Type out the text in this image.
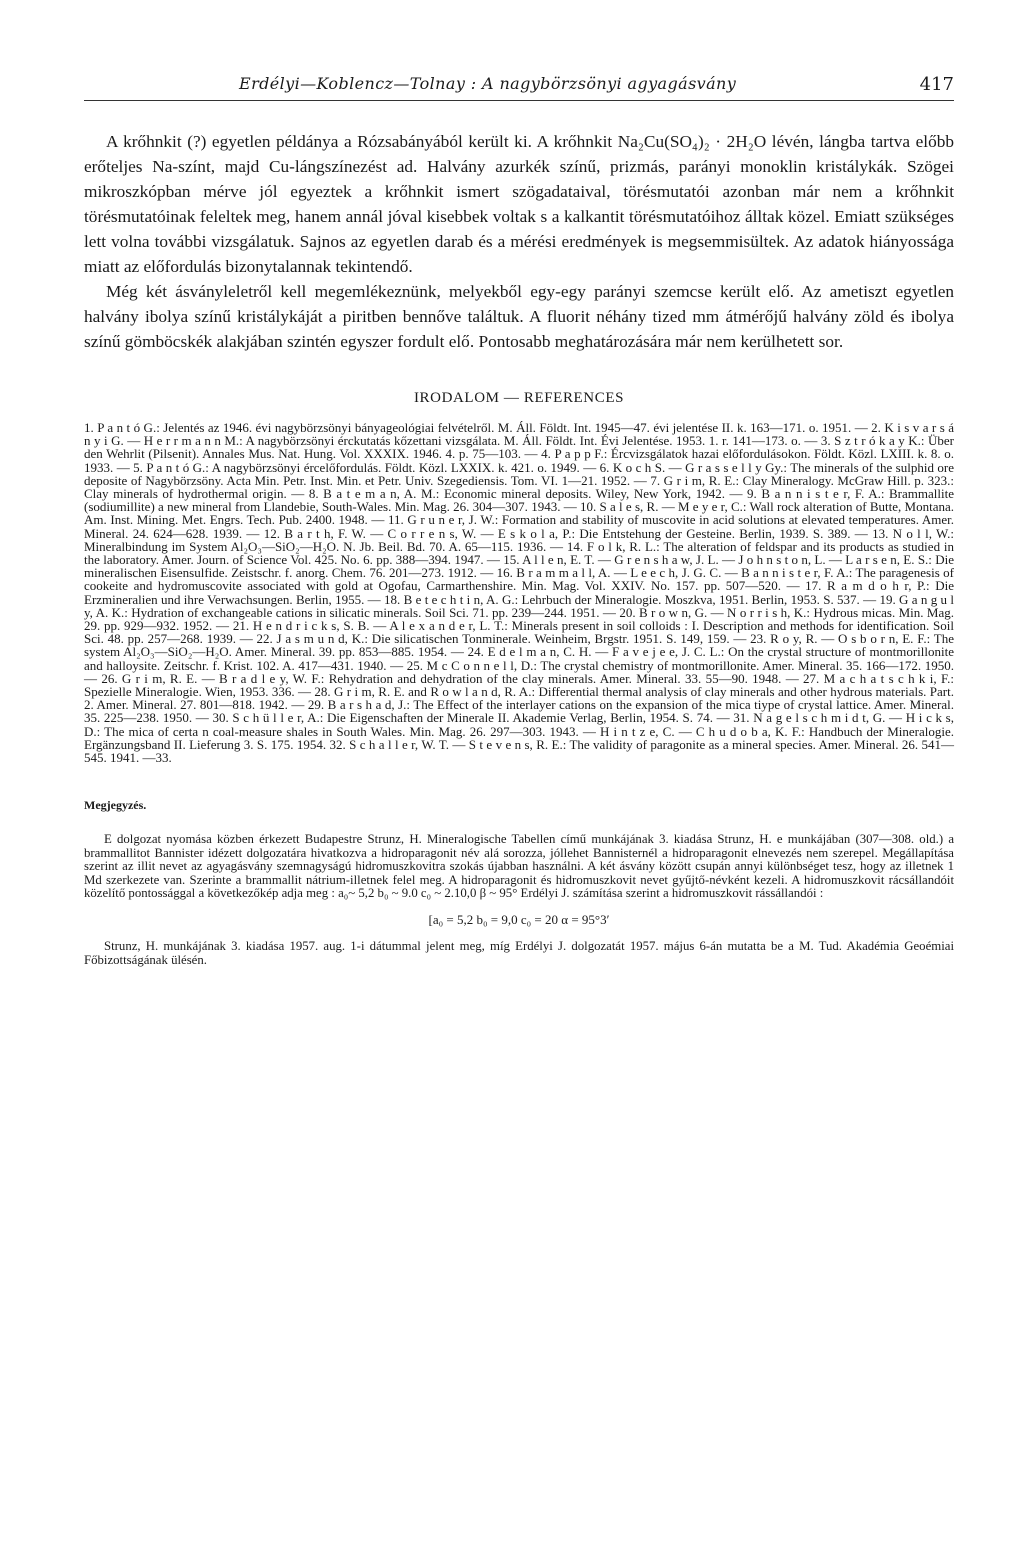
Erdélyi—Koblencz—Tolnay : A nagybörzsönyi agyagásvány	417

A krőhnkit (?) egyetlen példánya a Rózsabányából került ki. A krőhnkit Na₂Cu(SO₄)₂ · 2H₂O lévén, lángba tartva előbb erőteljes Na-színt, majd Cu-lángszínezést ad. Halvány azurkék színű, prizmás, parányi monoklin kristálykák. Szögei mikroszkópban mérve jól egyeztek a krőhnkit ismert szögadataival, törésmutatói azonban már nem a krőhnkit törésmutatóinak feleltek meg, hanem annál jóval kisebbek voltak s a kalkantit törésmutatóihoz álltak közel. Emiatt szükséges lett volna további vizsgálatuk. Sajnos az egyetlen darab és a mérési eredmények is megsemmisültek. Az adatok hiányossága miatt az előfordulás bizonytalannak tekintendő.

Még két ásványleletről kell megemlékeznünk, melyekből egy-egy parányi szemcse került elő. Az ametiszt egyetlen halvány ibolya színű kristálykáját a piritben bennőve találtuk. A fluorit néhány tized mm átmérőjű halvány zöld és ibolya színű gömböcskék alakjában szintén egyszer fordult elő. Pontosabb meghatározására már nem kerülhetett sor.

IRODALOM — REFERENCES
1. P a n t ó G.: Jelentés az 1946. évi nagybörzsönyi bányageológiai felvételről. M. Áll. Földt. Int. 1945—47. évi jelentése II. k. 163—171. o. 1951. — 2. K i s v a r s á n y i G. — H e r r m a n n M.: A nagybörzsönyi érckutatás kőzettani vizsgálata. M. Áll. Földt. Int. Évi Jelentése. 1953. 1. r. 141—173. o. — 3. S z t r ó k a y K.: Über den Wehrlit (Pilsenit). Annales Mus. Nat. Hung. Vol. XXXIX. 1946. 4. p. 75—103. — 4. P a p p F.: Ércvizsgálatok hazai előfordulásokon. Földt. Közl. LXIII. k. 8. o. 1933. — 5. P a n t ó G.: A nagybörzsönyi ércelőfordulás. Földt. Közl. LXXIX. k. 421. o. 1949. — 6. K o c h S. — G r a s s e l l y Gy.: The minerals of the sulphid ore deposite of Nagybörzsöny. Acta Min. Petr. Inst. Min. et Petr. Univ. Szegediensis. Tom. VI. 1—21. 1952. — 7. G r i m, R. E.: Clay Mineralogy. McGraw Hill. p. 323.: Clay minerals of hydrothermal origin. — 8. B a t e m a n, A. M.: Economic mineral deposits. Wiley, New York, 1942. — 9. B a n n i s t e r, F. A.: Brammallite (sodiumillite) a new mineral from Llandebie, South-Wales. Min. Mag. 26. 304—307. 1943. — 10. S a l e s, R. — M e y e r, C.: Wall rock alteration of Butte, Montana. Am. Inst. Mining. Met. Engrs. Tech. Pub. 2400. 1948. — 11. G r u n e r, J. W.: Formation and stability of muscovite in acid solutions at elevated temperatures. Amer. Mineral. 24. 624—628. 1939. — 12. B a r t h, F. W. — C o r r e n s, W. — E s k o l a, P.: Die Entstehung der Gesteine. Berlin, 1939. S. 389. — 13. N o l l, W.: Mineralbindung im System Al₂O₃—SiO₂—H₂O. N. Jb. Beil. Bd. 70. A. 65—115. 1936. — 14. F o l k, R. L.: The alteration of feldspar and its products as studied in the laboratory. Amer. Journ. of Science Vol. 425. No. 6. pp. 388—394. 1947. — 15. A l l e n, E. T. — G r e n s h a w, J. L. — J o h n s t o n, L. — L a r s e n, E. S.: Die mineralischen Eisensulfide. Zeistschr. f. anorg. Chem. 76. 201—273. 1912. — 16. B r a m m a l l, A. — L e e c h, J. G. C. — B a n n i s t e r, F. A.: The paragenesis of cookeite and hydromuscovite associated with gold at Ogofau, Carmarthenshire. Min. Mag. Vol. XXIV. No. 157. pp. 507—520. — 17. R a m d o h r, P.: Die Erzmineralien und ihre Verwachsungen. Berlin, 1955. — 18. B e t e c h t i n, A. G.: Lehrbuch der Mineralogie. Moszkva, 1951. Berlin, 1953. S. 537. — 19. G a n g u l y, A. K.: Hydration of exchangeable cations in silicatic minerals. Soil Sci. 71. pp. 239—244. 1951. — 20. B r o w n, G. — N o r r i s h, K.: Hydrous micas. Min. Mag. 29. pp. 929—932. 1952. — 21. H e n d r i c k s, S. B. — A l e x a n d e r, L. T.: Minerals present in soil colloids : I. Description and methods for identification. Soil Sci. 48. pp. 257—268. 1939. — 22. J a s m u n d, K.: Die silicatischen Tonminerale. Weinheim, Brgstr. 1951. S. 149, 159. — 23. R o y, R. — O s b o r n, E. F.: The system Al₂O₃—SiO₂—H₂O. Amer. Mineral. 39. pp. 853—885. 1954. — 24. E d e l m a n, C. H. — F a v e j e e, J. C. L.: On the crystal structure of montmorillonite and halloysite. Zeitschr. f. Krist. 102. A. 417—431. 1940. — 25. M c C o n n e l l, D.: The crystal chemistry of montmorillonite. Amer. Mineral. 35. 166—172. 1950. — 26. G r i m, R. E. — B r a d l e y, W. F.: Rehydration and dehydration of the clay minerals. Amer. Mineral. 33. 55—90. 1948. — 27. M a c h a t s c h k i, F.: Spezielle Mineralogie. Wien, 1953. 336. — 28. G r i m, R. E. and R o w l a n d, R. A.: Differential thermal analysis of clay minerals and other hydrous materials. Part. 2. Amer. Mineral. 27. 801—818. 1942. — 29. B a r s h a d, J.: The Effect of the interlayer cations on the expansion of the mica tiype of crystal lattice. Amer. Mineral. 35. 225—238. 1950. — 30. S c h ü l l e r, A.: Die Eigenschaften der Minerale II. Akademie Verlag, Berlin, 1954. S. 74. — 31. N a g e l s c h m i d t, G. — H i c k s, D.: The mica of certa n coal-measure shales in South Wales. Min. Mag. 26. 297—303. 1943. — H i n t z e, C. — C h u d o b a, K. F.: Handbuch der Mineralogie. Ergänzungsband II. Lieferung 3. S. 175. 1954. 32. S c h a l l e r, W. T. — S t e v e n s, R. E.: The validity of paragonite as a mineral species. Amer. Mineral. 26. 541—545. 1941. —33.
Megjegyzés.
E dolgozat nyomása közben érkezett Budapestre Strunz, H. Mineralogische Tabellen című munkájának 3. kiadása Strunz, H. e munkájában (307—308. old.) a brammallitot Bannister idézett dolgozatára hivatkozva a hidroparagonit név alá sorozza, jóllehet Bannisternél a hidroparagonit elnevezés nem szerepel. Megállapítása szerint az illit nevet az agyagásvány szemnagyságú hidromuszkovitra szokás újabban használni. A két ásvány között csupán annyi különbséget tesz, hogy az illetnek 1 Md szerkezete van. Szerinte a brammallit nátrium-illetnek felel meg. A hidroparagonit és hidromuszkovit nevet gyűjtő-névként kezeli. A hidromuszkovit rácsállandóit közelítő pontossággal a következőkép adja meg : a₀~ 5,2 b₀ ~ 9.0 c₀ ~ 2.10,0 β ~ 95° Erdélyi J. számítása szerint a hidromuszkovit rássállandói :
[a₀ = 5,2 b₀ = 9,0 c₀ = 20 α = 95°3′
Strunz, H. munkájának 3. kiadása 1957. aug. 1-i dátummal jelent meg, míg Erdélyi J. dolgozatát 1957. május 6-án mutatta be a M. Tud. Akadémia Geoémiai Főbizottságának ülésén.
